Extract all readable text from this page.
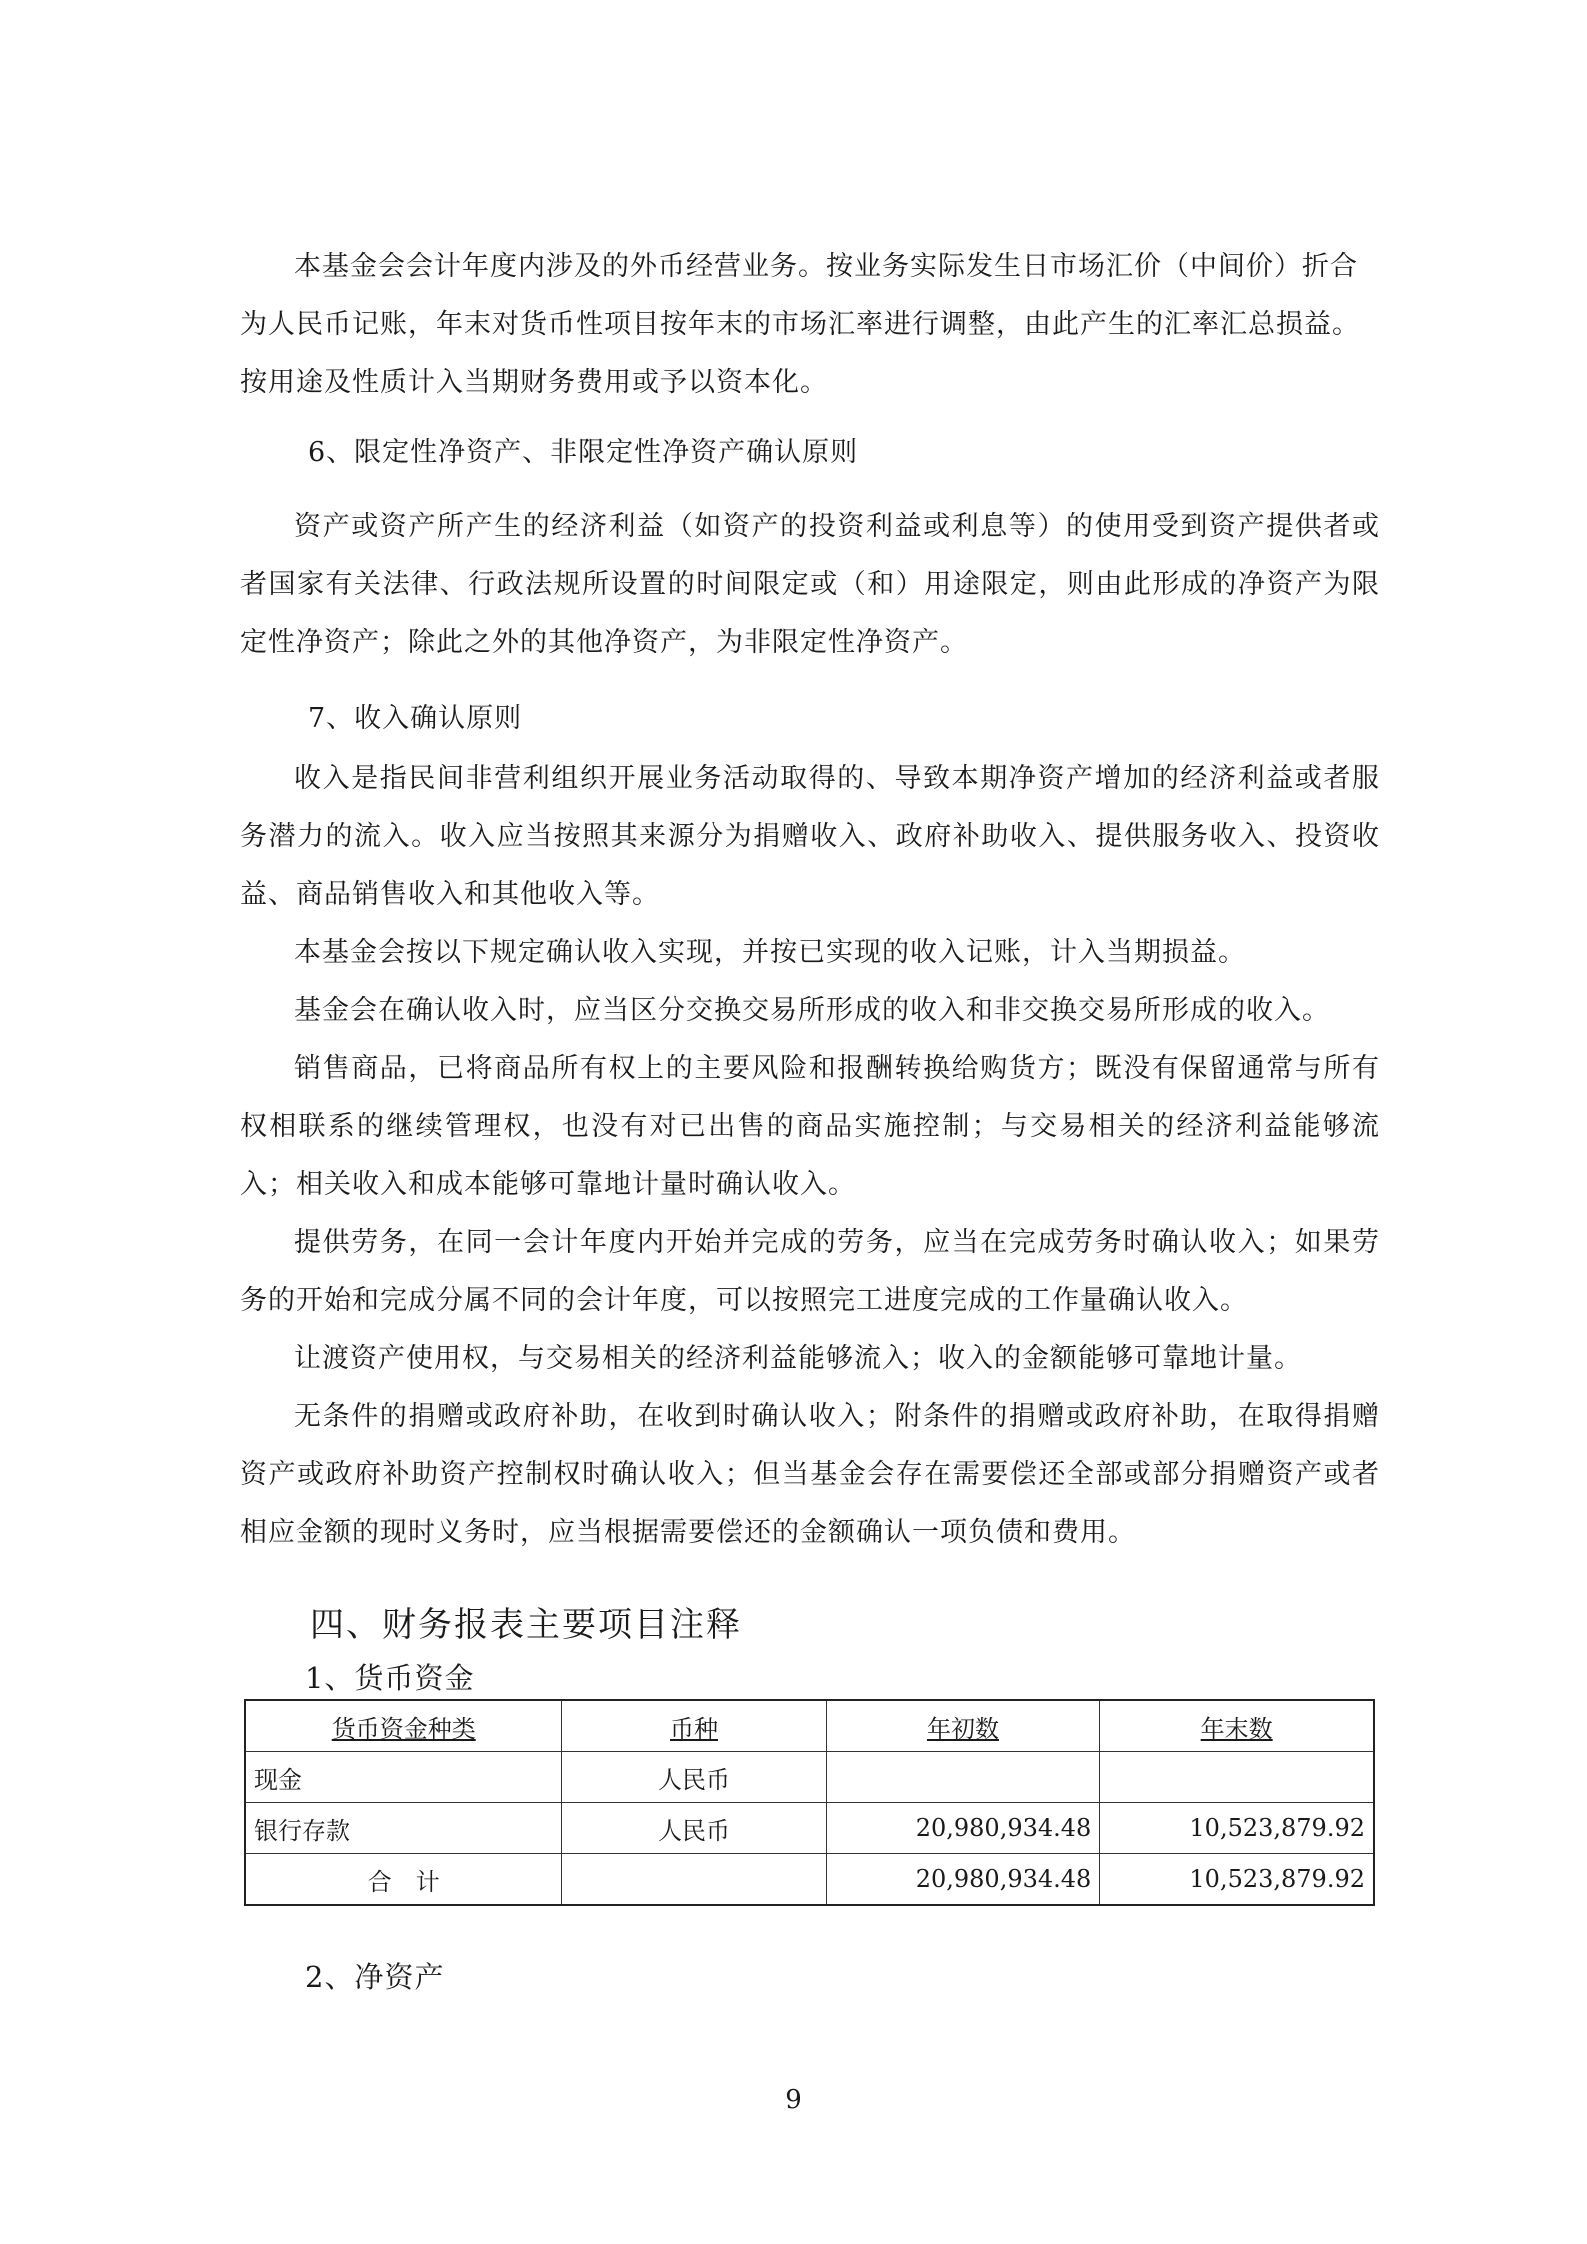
本基金会会计年度内涉及的外币经营业务。按业务实际发生日市场汇价（中间价）折合

为人民币记账，年末对货币性项目按年末的市场汇率进行调整，由此产生的汇率汇总损益。

按用途及性质计入当期财务费用或予以资本化。

6、限定性净资产、非限定性净资产确认原则

资产或资产所产生的经济利益（如资产的投资利益或利息等）的使用受到资产提供者或者国家有关法律、行政法规所设置的时间限定或（和）用途限定，则由此形成的净资产为限定性净资产；除此之外的其他净资产，为非限定性净资产。

7、收入确认原则

收入是指民间非营利组织开展业务活动取得的、导致本期净资产增加的经济利益或者服务潜力的流入。收入应当按照其来源分为捐赠收入、政府补助收入、提供服务收入、投资收益、商品销售收入和其他收入等。

本基金会按以下规定确认收入实现，并按已实现的收入记账，计入当期损益。

基金会在确认收入时，应当区分交换交易所形成的收入和非交换交易所形成的收入。

销售商品，已将商品所有权上的主要风险和报酬转换给购货方；既没有保留通常与所有权相联系的继续管理权，也没有对已出售的商品实施控制；与交易相关的经济利益能够流入；相关收入和成本能够可靠地计量时确认收入。

提供劳务，在同一会计年度内开始并完成的劳务，应当在完成劳务时确认收入；如果劳务的开始和完成分属不同的会计年度，可以按照完工进度完成的工作量确认收入。

让渡资产使用权，与交易相关的经济利益能够流入；收入的金额能够可靠地计量。

无条件的捐赠或政府补助，在收到时确认收入；附条件的捐赠或政府补助，在取得捐赠资产或政府补助资产控制权时确认收入；但当基金会存在需要偿还全部或部分捐赠资产或者相应金额的现时义务时，应当根据需要偿还的金额确认一项负债和费用。

四、财务报表主要项目注释
1、货币资金
货币资金种类	币种	年初数	年末数
现金	人民币		
银行存款	人民币	20,980,934.48	10,523,879.92
合　计		20,980,934.48	10,523,879.92
2、净资产
9
